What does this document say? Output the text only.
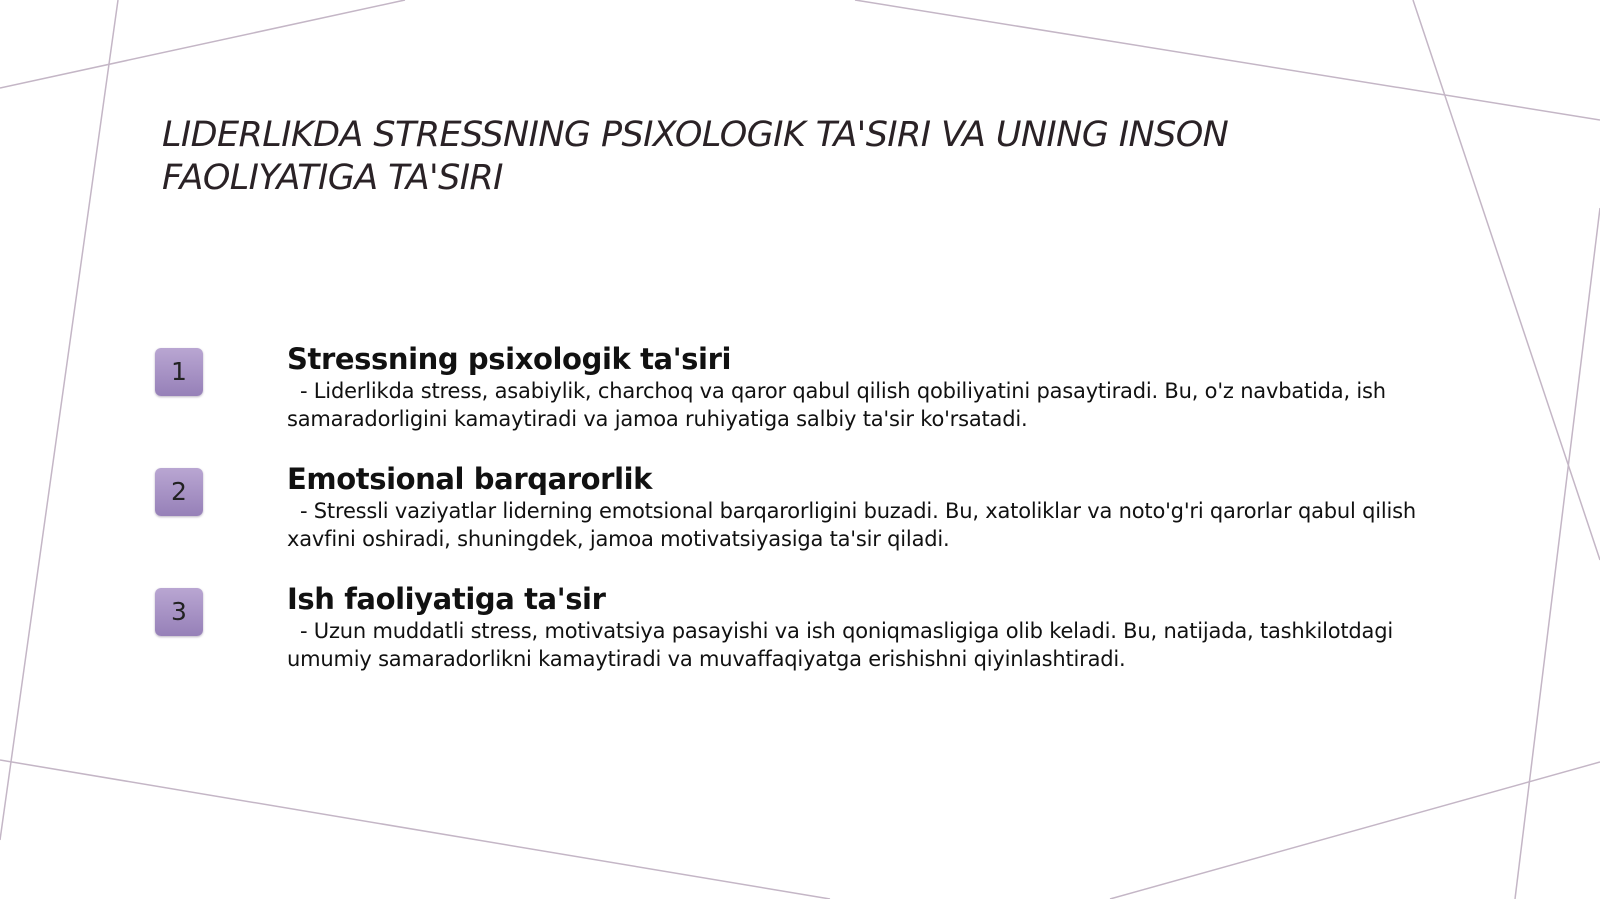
LIDERLIKDA STRESSNING PSIXOLOGIK TA'SIRI VA UNING INSON FAOLIYATIGA TA'SIRI
1	Stressning psixologik ta'siri

- Liderlikda stress, asabiylik, charchoq va qaror qabul qilish qobiliyatini pasaytiradi. Bu, o'z navbatida, ish samaradorligini kamaytiradi va jamoa ruhiyatiga salbiy ta'sir ko'rsatadi.

2	Emotsional barqarorlik

- Stressli vaziyatlar liderning emotsional barqarorligini buzadi. Bu, xatoliklar va noto'g'ri qarorlar qabul qilish xavfini oshiradi, shuningdek, jamoa motivatsiyasiga ta'sir qiladi.

3	Ish faoliyatiga ta'sir

- Uzun muddatli stress, motivatsiya pasayishi va ish qoniqmasligiga olib keladi. Bu, natijada, tashkilotdagi umumiy samaradorlikni kamaytiradi va muvaffaqiyatga erishishni qiyinlashtiradi.
